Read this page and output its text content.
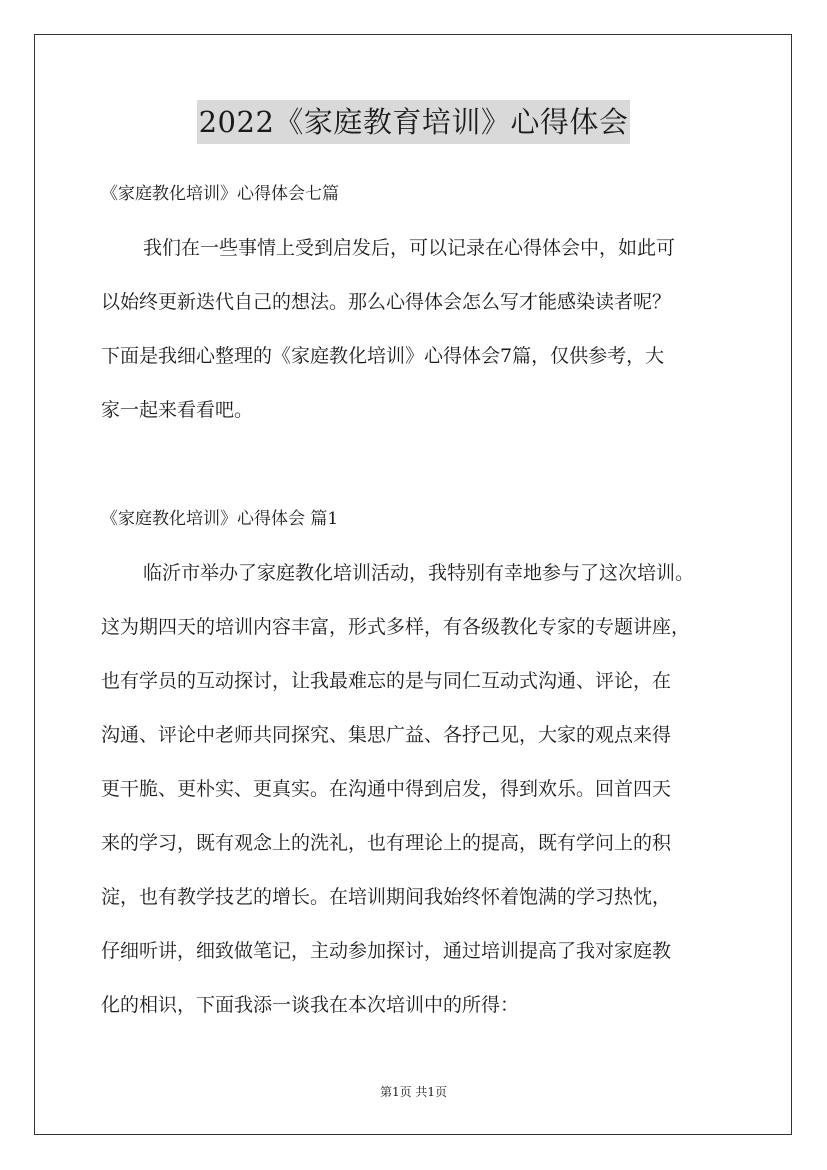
2022《家庭教育培训》心得体会
《家庭教化培训》心得体会七篇
我们在一些事情上受到启发后，可以记录在心得体会中，如此可
以始终更新迭代自己的想法。那么心得体会怎么写才能感染读者呢？
下面是我细心整理的《家庭教化培训》心得体会7篇，仅供参考，大
家一起来看看吧。
《家庭教化培训》心得体会 篇1
临沂市举办了家庭教化培训活动，我特别有幸地参与了这次培训。
这为期四天的培训内容丰富，形式多样，有各级教化专家的专题讲座，
也有学员的互动探讨，让我最难忘的是与同仁互动式沟通、评论，在
沟通、评论中老师共同探究、集思广益、各抒己见，大家的观点来得
更干脆、更朴实、更真实。在沟通中得到启发，得到欢乐。回首四天
来的学习，既有观念上的洗礼，也有理论上的提高，既有学问上的积
淀，也有教学技艺的增长。在培训期间我始终怀着饱满的学习热忱，
仔细听讲，细致做笔记，主动参加探讨，通过培训提高了我对家庭教
化的相识，下面我添一谈我在本次培训中的所得：
第1页 共1页
